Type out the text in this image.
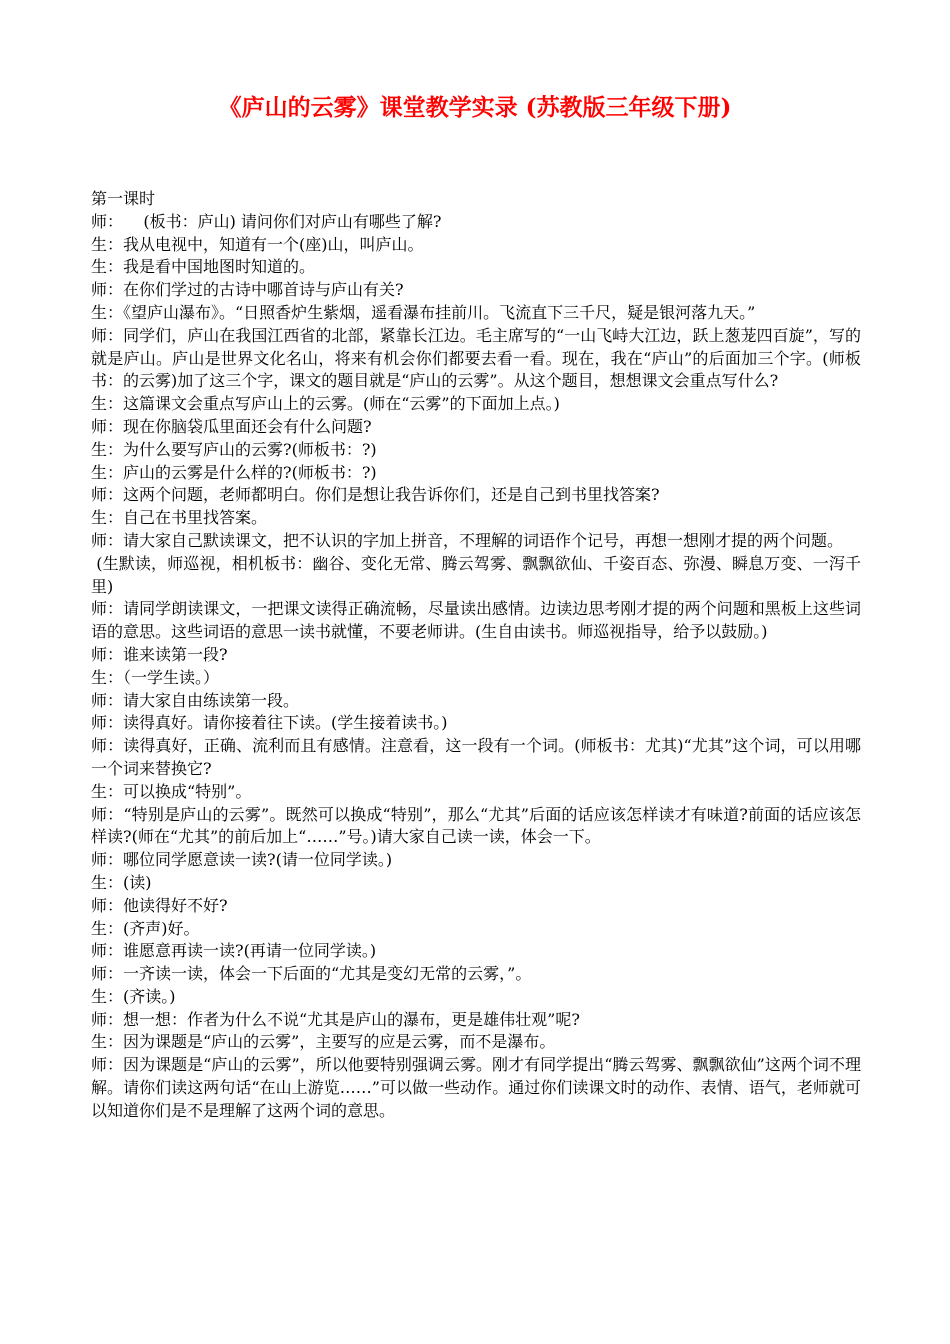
《庐山的云雾》课堂教学实录 (苏教版三年级下册)

第一课时

师：    (板书：庐山) 请问你们对庐山有哪些了解?

生：我从电视中，知道有一个(座)山，叫庐山。

生：我是看中国地图时知道的。

师：在你们学过的古诗中哪首诗与庐山有关?

生：《望庐山瀑布》。“日照香炉生紫烟，遥看瀑布挂前川。飞流直下三千尺，疑是银河落九天。”

师：同学们，庐山在我国江西省的北部，紧靠长江边。毛主席写的“一山飞峙大江边，跃上葱茏四百旋”，写的就是庐山。庐山是世界文化名山，将来有机会你们都要去看一看。现在，我在“庐山”的后面加三个字。(师板书：的云雾)加了这三个字，课文的题目就是“庐山的云雾”。从这个题目，想想课文会重点写什么?

生：这篇课文会重点写庐山上的云雾。(师在“云雾”的下面加上点。)

师：现在你脑袋瓜里面还会有什么问题?

生：为什么要写庐山的云雾?(师板书：?)

生：庐山的云雾是什么样的?(师板书：?)

师：这两个问题，老师都明白。你们是想让我告诉你们，还是自己到书里找答案?

生：自己在书里找答案。

师：请大家自己默读课文，把不认识的字加上拼音，不理解的词语作个记号，再想一想刚才提的两个问题。

(生默读，师巡视，相机板书：幽谷、变化无常、腾云驾雾、飘飘欲仙、千姿百态、弥漫、瞬息万变、一泻千里)

师：请同学朗读课文，一把课文读得正确流畅，尽量读出感情。边读边思考刚才提的两个问题和黑板上这些词语的意思。这些词语的意思一读书就懂，不要老师讲。(生自由读书。师巡视指导，给予以鼓励。)

师：谁来读第一段?

生：（一学生读。）

师：请大家自由练读第一段。

师：读得真好。请你接着往下读。(学生接着读书。)

师：读得真好，正确、流利而且有感情。注意看，这一段有一个词。(师板书：尤其)“尤其”这个词，可以用哪一个词来替换它?

生：可以换成“特别”。

师：“特别是庐山的云雾”。既然可以换成“特别”，那么“尤其”后面的话应该怎样读才有味道?前面的话应该怎样读?(师在“尤其”的前后加上“……”号。)请大家自己读一读，体会一下。

师：哪位同学愿意读一读?(请一位同学读。)

生：(读)

师：他读得好不好?

生：(齐声)好。

师：谁愿意再读一读?(再请一位同学读。)

师：一齐读一读，体会一下后面的“尤其是变幻无常的云雾，”。

生：(齐读。)

师：想一想：作者为什么不说“尤其是庐山的瀑布，更是雄伟壮观”呢?

生：因为课题是“庐山的云雾”，主要写的应是云雾，而不是瀑布。

师：因为课题是“庐山的云雾”，所以他要特别强调云雾。刚才有同学提出“腾云驾雾、飘飘欲仙”这两个词不理解。请你们读这两句话“在山上游览……”可以做一些动作。通过你们读课文时的动作、表情、语气，老师就可以知道你们是不是理解了这两个词的意思。
